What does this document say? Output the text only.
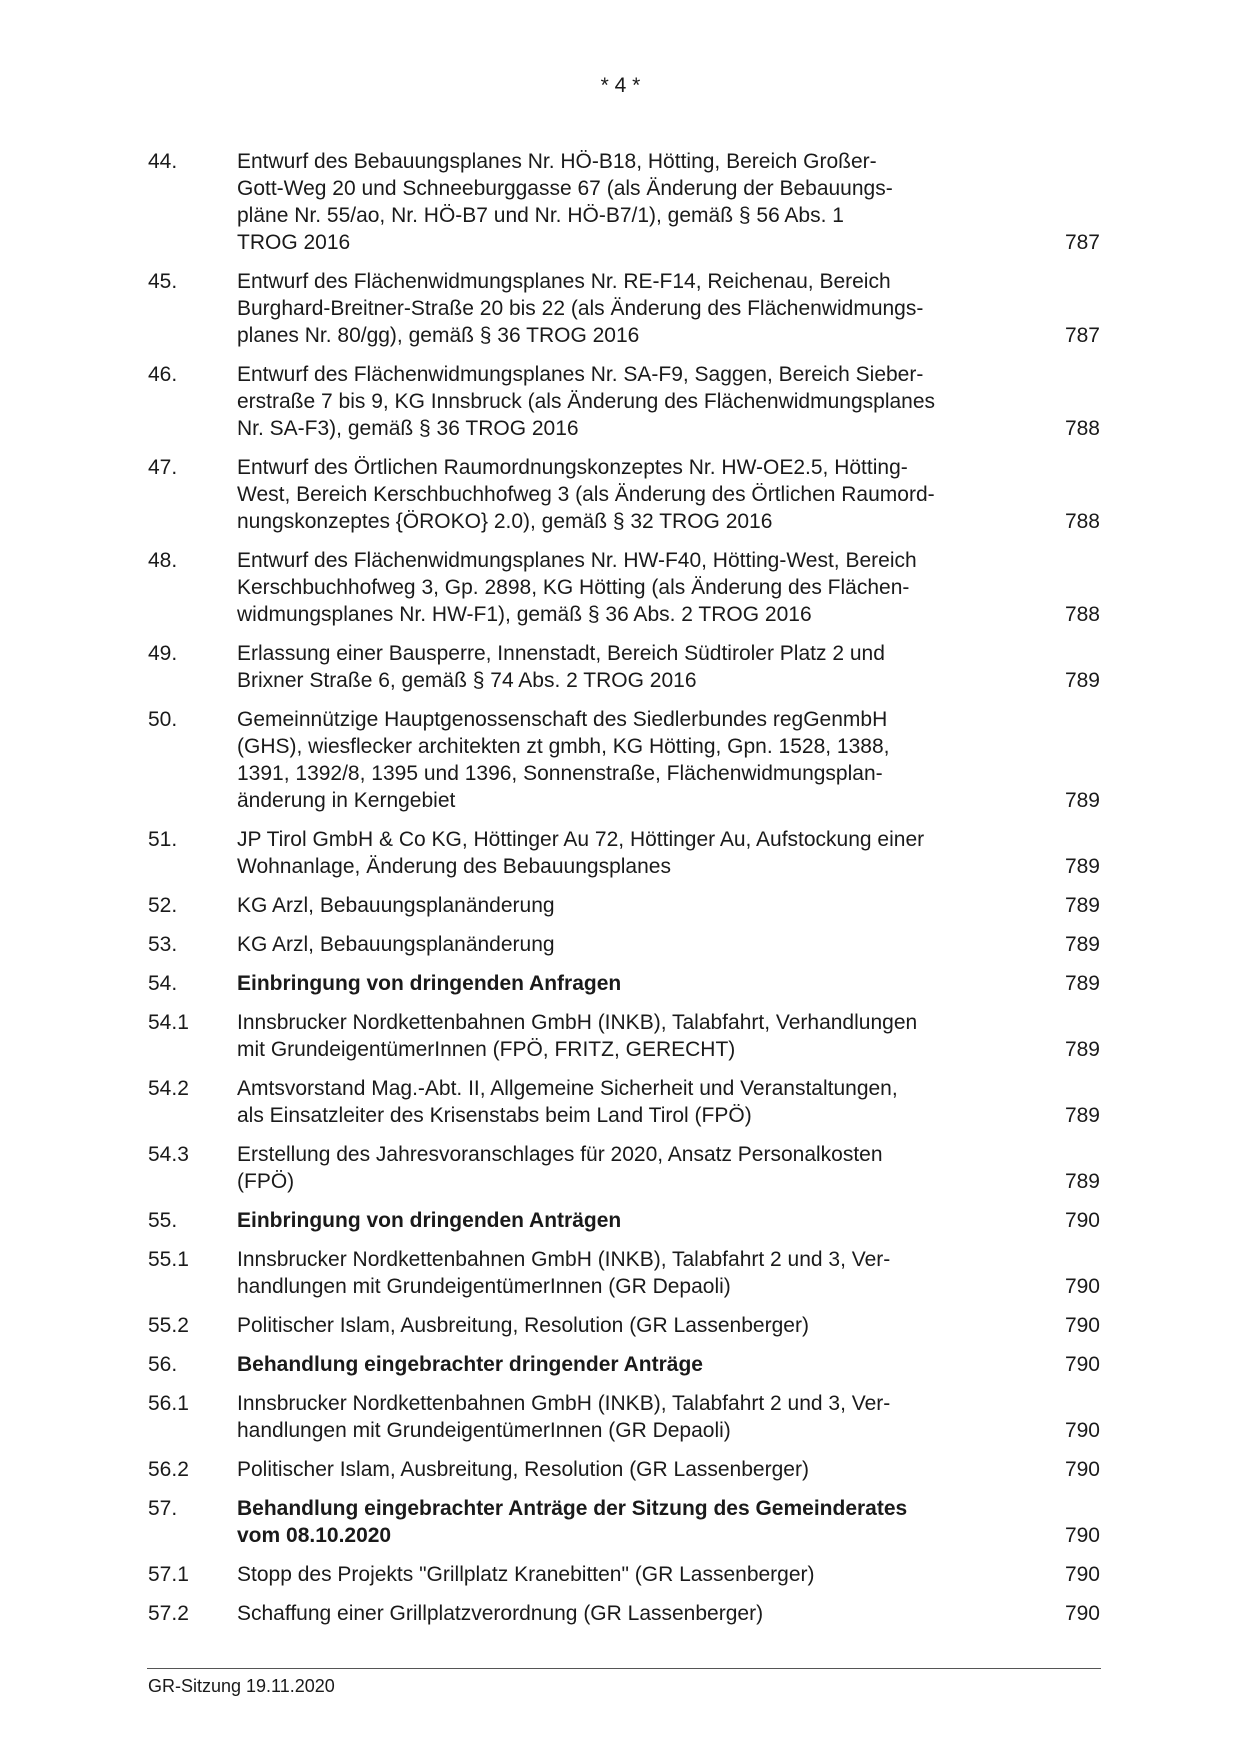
* 4 *
44.	Entwurf des Bebauungsplanes Nr. HÖ-B18, Hötting, Bereich Großer-
Gott-Weg 20 und Schneeburggasse 67 (als Änderung der Bebauungs-
pläne Nr. 55/ao, Nr. HÖ-B7 und Nr. HÖ-B7/1), gemäß § 56 Abs. 1
TROG 2016	787
45.	Entwurf des Flächenwidmungsplanes Nr. RE-F14, Reichenau, Bereich
Burghard-Breitner-Straße 20 bis 22 (als Änderung des Flächenwidmungs-
planes Nr. 80/gg), gemäß § 36 TROG 2016	787
46.	Entwurf des Flächenwidmungsplanes Nr. SA-F9, Saggen, Bereich Sieber-
erstraße 7 bis 9, KG Innsbruck (als Änderung des Flächenwidmungsplanes
Nr. SA-F3), gemäß § 36 TROG 2016	788
47.	Entwurf des Örtlichen Raumordnungskonzeptes Nr. HW-OE2.5, Hötting-
West, Bereich Kerschbuchhofweg 3 (als Änderung des Örtlichen Raumord-
nungskonzeptes {ÖROKO} 2.0), gemäß § 32 TROG 2016	788
48.	Entwurf des Flächenwidmungsplanes Nr. HW-F40, Hötting-West, Bereich
Kerschbuchhofweg 3, Gp. 2898, KG Hötting (als Änderung des Flächen-
widmungsplanes Nr. HW-F1), gemäß § 36 Abs. 2 TROG 2016	788
49.	Erlassung einer Bausperre, Innenstadt, Bereich Südtiroler Platz 2 und
Brixner Straße 6, gemäß § 74 Abs. 2 TROG 2016	789
50.	Gemeinnützige Hauptgenossenschaft des Siedlerbundes regGenmbH
(GHS), wiesflecker architekten zt gmbh, KG Hötting, Gpn. 1528, 1388,
1391, 1392/8, 1395 und 1396, Sonnenstraße, Flächenwidmungsplan-
änderung in Kerngebiet	789
51.	JP Tirol GmbH & Co KG, Höttinger Au 72, Höttinger Au, Aufstockung einer
Wohnanlage, Änderung des Bebauungsplanes	789
52.	KG Arzl, Bebauungsplanänderung	789
53.	KG Arzl, Bebauungsplanänderung	789
54.	Einbringung von dringenden Anfragen	789
54.1	Innsbrucker Nordkettenbahnen GmbH (INKB), Talabfahrt, Verhandlungen
mit GrundeigentümerInnen (FPÖ, FRITZ, GERECHT)	789
54.2	Amtsvorstand Mag.-Abt. II, Allgemeine Sicherheit und Veranstaltungen,
als Einsatzleiter des Krisenstabs beim Land Tirol (FPÖ)	789
54.3	Erstellung des Jahresvoranschlages für 2020, Ansatz Personalkosten
(FPÖ)	789
55.	Einbringung von dringenden Anträgen	790
55.1	Innsbrucker Nordkettenbahnen GmbH (INKB), Talabfahrt 2 und 3, Ver-
handlungen mit GrundeigentümerInnen (GR Depaoli)	790
55.2	Politischer Islam, Ausbreitung, Resolution (GR Lassenberger)	790
56.	Behandlung eingebrachter dringender Anträge	790
56.1	Innsbrucker Nordkettenbahnen GmbH (INKB), Talabfahrt 2 und 3, Ver-
handlungen mit GrundeigentümerInnen (GR Depaoli)	790
56.2	Politischer Islam, Ausbreitung, Resolution (GR Lassenberger)	790
57.	Behandlung eingebrachter Anträge der Sitzung des Gemeinderates
vom 08.10.2020	790
57.1	Stopp des Projekts "Grillplatz Kranebitten" (GR Lassenberger)	790
57.2	Schaffung einer Grillplatzverordnung (GR Lassenberger)	790
GR-Sitzung 19.11.2020
